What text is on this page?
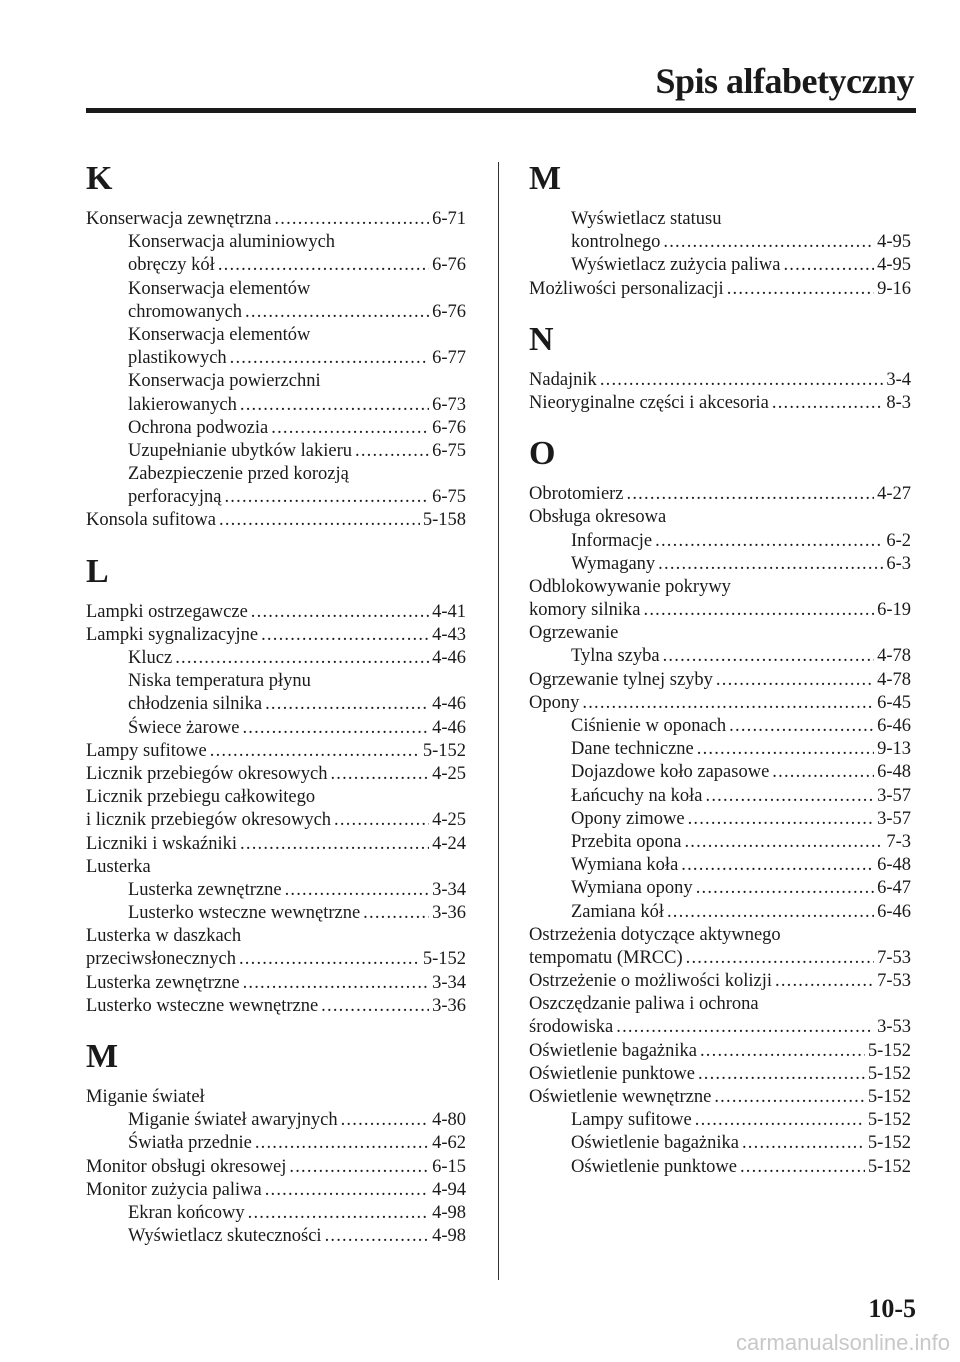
Spis alfabetyczny
K
Konserwacja zewnętrzna .....	6-71
Konserwacja aluminiowych
obręczy kół .....	6-76
Konserwacja elementów
chromowanych .....	6-76
Konserwacja elementów
plastikowych .....	6-77
Konserwacja powierzchni
lakierowanych .....	6-73
Ochrona podwozia .....	6-76
Uzupełnianie ubytków lakieru .....	6-75
Zabezpieczenie przed korozją
perforacyjną .....	6-75
Konsola sufitowa .....	5-158
L
Lampki ostrzegawcze .....	4-41
Lampki sygnalizacyjne .....	4-43
Klucz .....	4-46
Niska temperatura płynu
chłodzenia silnika .....	4-46
Świece żarowe .....	4-46
Lampy sufitowe .....	5-152
Licznik przebiegów okresowych .....	4-25
Licznik przebiegu całkowitego
i licznik przebiegów okresowych .....	4-25
Liczniki i wskaźniki .....	4-24
Lusterka
Lusterka zewnętrzne .....	3-34
Lusterko wsteczne wewnętrzne .....	3-36
Lusterka w daszkach
przeciwsłonecznych .....	5-152
Lusterka zewnętrzne .....	3-34
Lusterko wsteczne wewnętrzne .....	3-36
M
Miganie świateł
Miganie świateł awaryjnych .....	4-80
Światła przednie .....	4-62
Monitor obsługi okresowej .....	6-15
Monitor zużycia paliwa .....	4-94
Ekran końcowy .....	4-98
Wyświetlacz skuteczności .....	4-98
M
Wyświetlacz statusu
kontrolnego .....	4-95
Wyświetlacz zużycia paliwa .....	4-95
Możliwości personalizacji .....	9-16
N
Nadajnik .....	3-4
Nieoryginalne części i akcesoria .....	8-3
O
Obrotomierz .....	4-27
Obsługa okresowa
Informacje .....	6-2
Wymagany .....	6-3
Odblokowywanie pokrywy
komory silnika .....	6-19
Ogrzewanie
Tylna szyba .....	4-78
Ogrzewanie tylnej szyby .....	4-78
Opony .....	6-45
Ciśnienie w oponach .....	6-46
Dane techniczne .....	9-13
Dojazdowe koło zapasowe .....	6-48
Łańcuchy na koła .....	3-57
Opony zimowe .....	3-57
Przebita opona .....	7-3
Wymiana koła .....	6-48
Wymiana opony .....	6-47
Zamiana kół .....	6-46
Ostrzeżenia dotyczące aktywnego
tempomatu (MRCC) .....	7-53
Ostrzeżenie o możliwości kolizji .....	7-53
Oszczędzanie paliwa i ochrona
środowiska .....	3-53
Oświetlenie bagażnika .....	5-152
Oświetlenie punktowe .....	5-152
Oświetlenie wewnętrzne .....	5-152
Lampy sufitowe .....	5-152
Oświetlenie bagażnika .....	5-152
Oświetlenie punktowe .....	5-152
10-5
carmanualsonline.info
